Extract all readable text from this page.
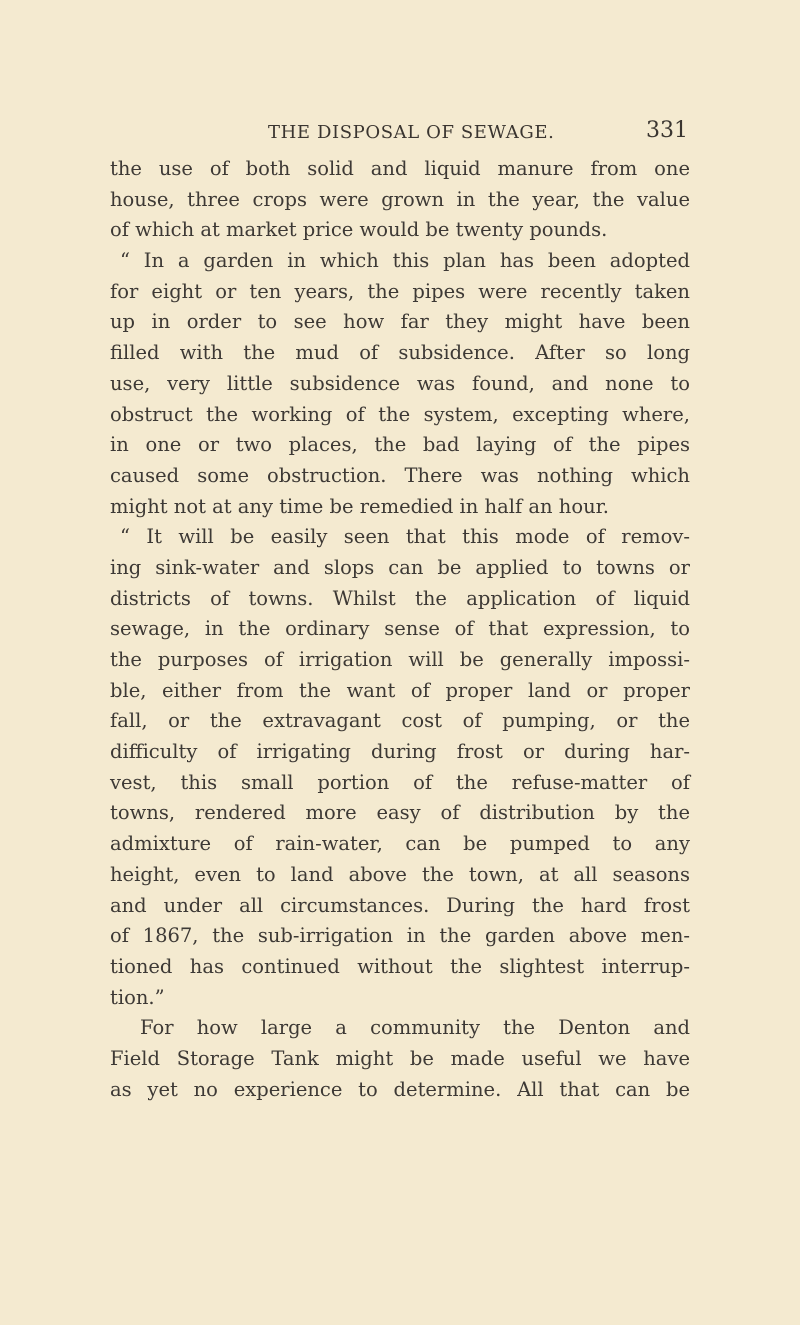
THE DISPOSAL OF SEWAGE.	331
the use of both solid and liquid manure from one
house, three crops were grown in the year, the value
of which at market price would be twenty pounds.
“ In a garden in which this plan has been adopted
for eight or ten years, the pipes were recently taken
up in order to see how far they might have been
filled with the mud of subsidence. After so long
use, very little subsidence was found, and none to
obstruct the working of the system, excepting where,
in one or two places, the bad laying of the pipes
caused some obstruction. There was nothing which
might not at any time be remedied in half an hour.
“ It will be easily seen that this mode of remov-
ing sink-water and slops can be applied to towns or
districts of towns. Whilst the application of liquid
sewage, in the ordinary sense of that expression, to
the purposes of irrigation will be generally impossi-
ble, either from the want of proper land or proper
fall, or the extravagant cost of pumping, or the
difficulty of irrigating during frost or during har-
vest, this small portion of the refuse-matter of
towns, rendered more easy of distribution by the
admixture of rain-water, can be pumped to any
height, even to land above the town, at all seasons
and under all circumstances. During the hard frost
of 1867, the sub-irrigation in the garden above men-
tioned has continued without the slightest interrup-
tion.”
For how large a community the Denton and
Field Storage Tank might be made useful we have
as yet no experience to determine. All that can be
